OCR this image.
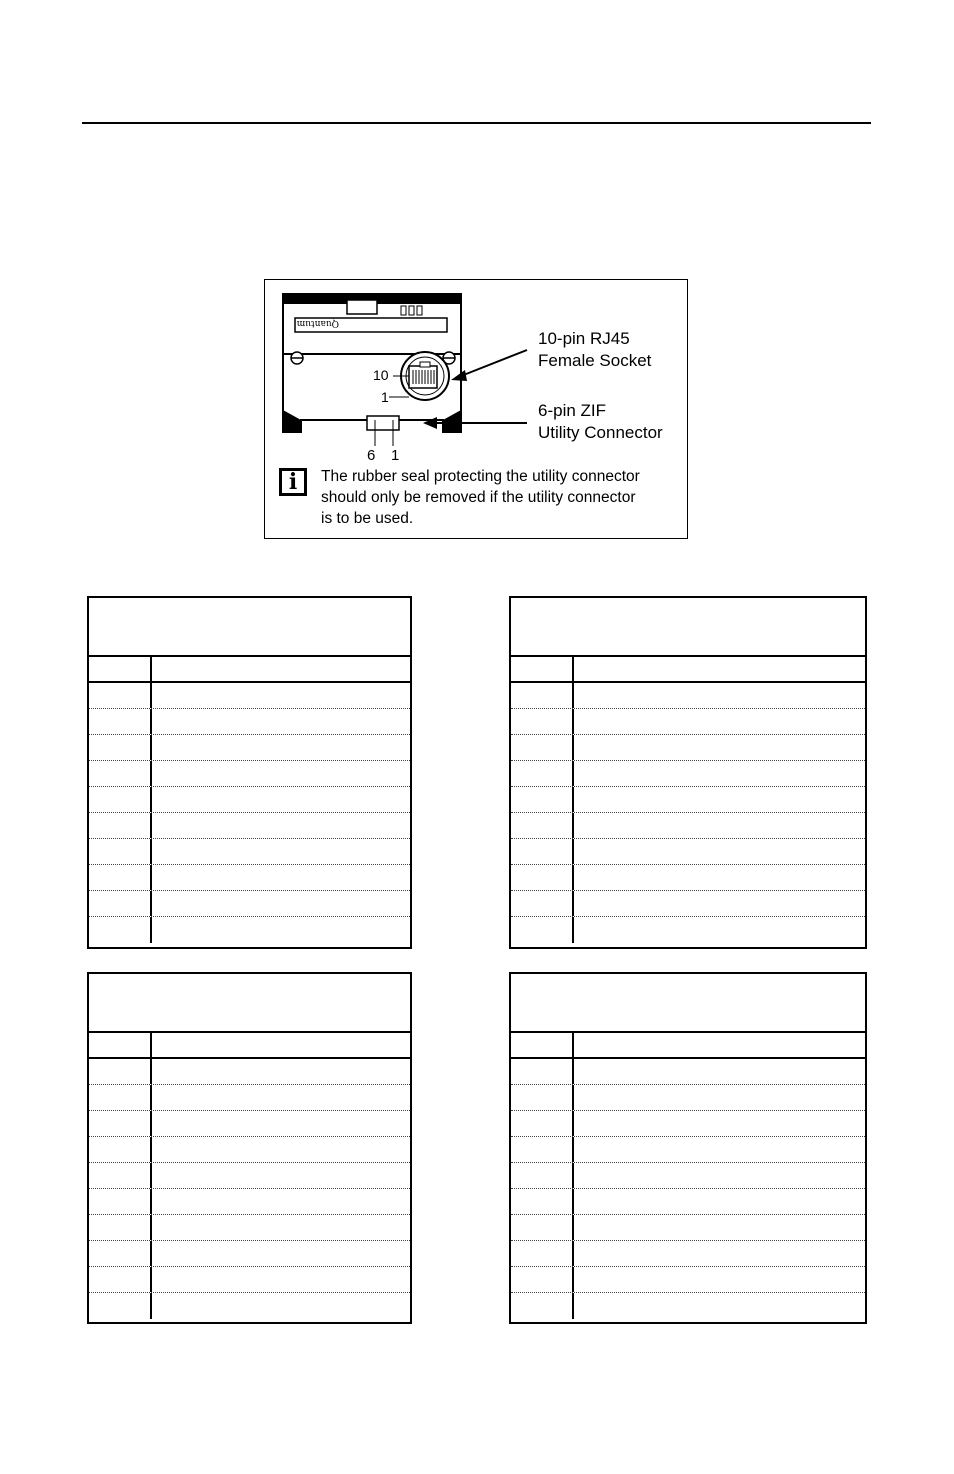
Quantum
10
1
6 1
10-pin RJ45
Female Socket
6-pin ZIF
Utility Connector
i	The rubber seal protecting the utility connector
should only be removed if the utility connector
is to be used.
